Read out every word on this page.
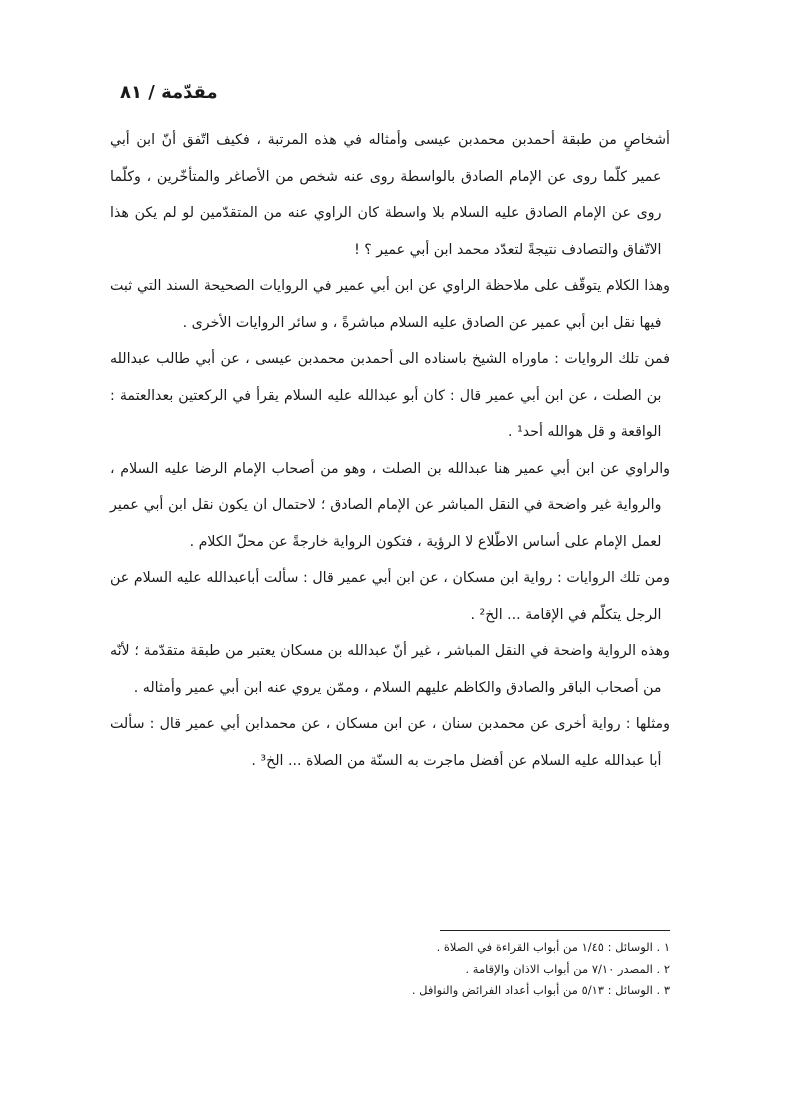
مقدّمة / ٨١

أشخاصٍ من طبقة أحمدبن محمدبن عيسى وأمثاله في هذه المرتبة ، فكيف اتّفق أنّ ابن أبي عمير كلّما روى عن الإمام الصادق بالواسطة روى عنه شخص من الأصاغر والمتأخّرين ، وكلّما روى عن الإمام الصادق عليه السلام بلا واسطة كان الراوي عنه من المتقدّمين لو لم يكن هذا الاتّفاق والتصادف نتيجةً لتعدّد محمد ابن أبي عمير ؟ !

وهذا الكلام يتوقّف على ملاحظة الراوي عن ابن أبي عمير في الروايات الصحيحة السند التي ثبت فيها نقل ابن أبي عمير عن الصادق عليه السلام مباشرةً ، و سائر الروايات الأخرى .

فمن تلك الروايات : ماوراه الشيخ باسناده الى أحمدبن محمدبن عيسى ، عن أبي طالب عبدالله بن الصلت ، عن ابن أبي عمير قال : كان أبو عبدالله عليه السلام يقرأ في الركعتين بعدالعتمة : الواقعة و قل هوالله أحد¹ .

والراوي عن ابن أبي عمير هنا عبدالله بن الصلت ، وهو من أصحاب الإمام الرضا عليه السلام ، والرواية غير واضحة في النقل المباشر عن الإمام الصادق ؛ لاحتمال ان يكون نقل ابن أبي عمير لعمل الإمام على أساس الاطّلاع لا الرؤية ، فتكون الرواية خارجةً عن محلّ الكلام .

ومن تلك الروايات : رواية ابن مسكان ، عن ابن أبي عمير قال : سألت أباعبدالله عليه السلام عن الرجل يتكلّم في الإقامة ... الخ² .

وهذه الرواية واضحة في النقل المباشر ، غير أنّ عبدالله بن مسكان يعتبر من طبقة متقدّمة ؛ لأنّه من أصحاب الباقر والصادق والكاظم عليهم السلام ، وممّن يروي عنه ابن أبي عمير وأمثاله .

ومثلها : رواية أخرى عن محمدبن سنان ، عن ابن مسكان ، عن محمدابن أبي عمير قال : سألت أبا عبدالله عليه السلام عن أفضل ماجرت به السنّة من الصلاة ... الخ³ .

١ . الوسائل : ١/٤٥ من أبواب القراءة في الصلاة .
٢ . المصدر ٧/١٠ من أبواب الاذان والإقامة .
٣ . الوسائل : ٥/١٣ من أبواب أعداد الفرائض والنوافل .
